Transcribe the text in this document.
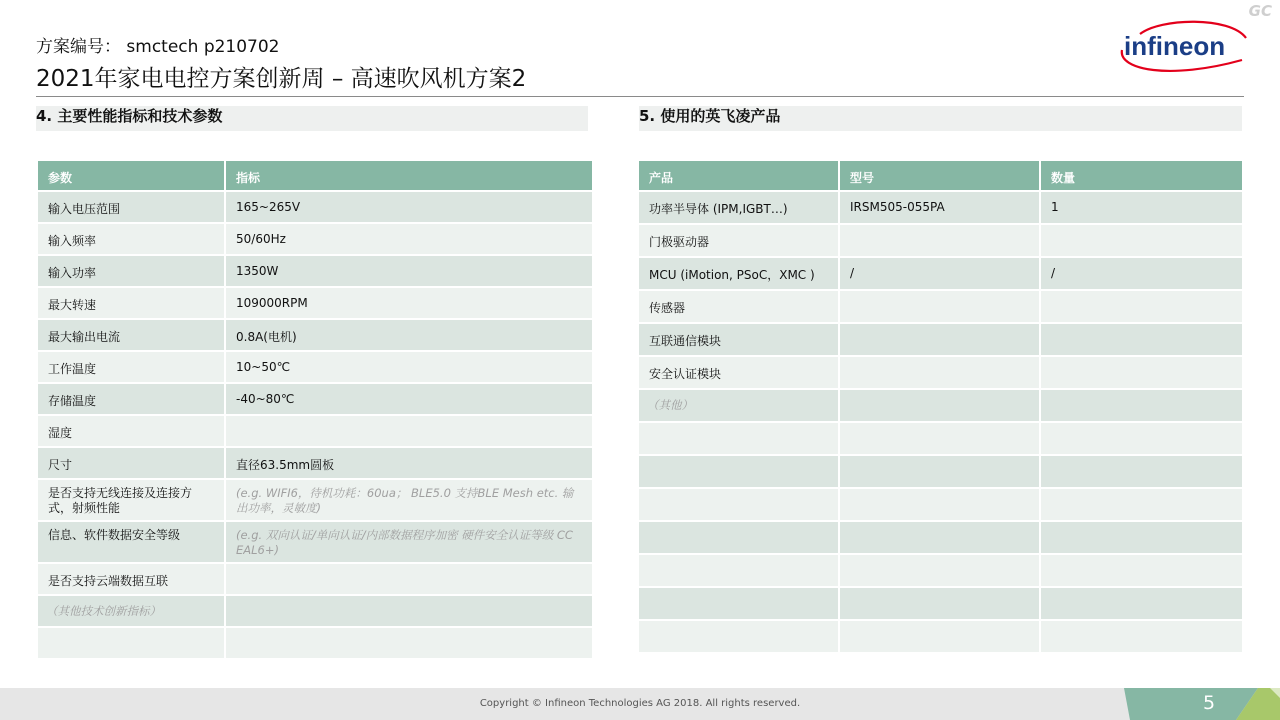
GC
方案编号： smctech p210702
2021年家电电控方案创新周 – 高速吹风机方案2
infineon
4. 主要性能指标和技术参数	5. 使用的英飞凌产品
参数	指标
输入电压范围	165~265V
输入频率	50/60Hz
输入功率	1350W
最大转速	109000RPM
最大输出电流	0.8A(电机)
工作温度	10~50℃
存储温度	-40~80℃
湿度	
尺寸	直径63.5mm圆板
是否支持无线连接及连接方式，射频性能	(e.g. WIFI6，待机功耗：60ua； BLE5.0 支持BLE Mesh etc. 输出功率，灵敏度)
信息、软件数据安全等级	(e.g. 双向认证/单向认证/内部数据程序加密 硬件安全认证等级 CC EAL6+)
是否支持云端数据互联	
（其他技术创新指标）	

产品	型号	数量
功率半导体 (IPM,IGBT…)	IRSM505-055PA	1
门极驱动器		
MCU (iMotion, PSoC，XMC )	/	/
传感器		
互联通信模块		
安全认证模块		
（其他）		

Copyright © Infineon Technologies AG 2018. All rights reserved.	5
